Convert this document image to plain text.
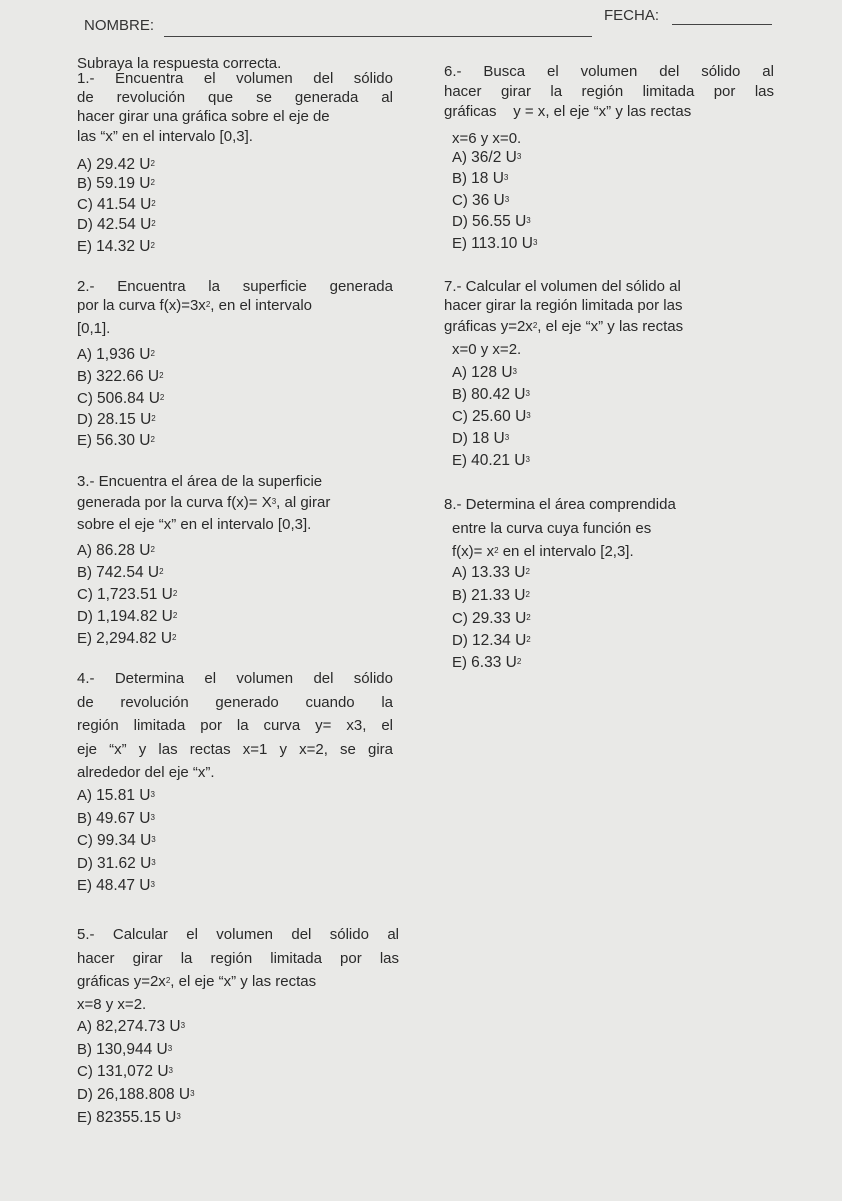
NOMBRE:
FECHA:
Subraya la respuesta correcta.
1.- Encuentra el volumen del sólido
de revolución que se generada al
hacer girar una gráfica sobre el eje de
las “x” en el intervalo [0,3].
A) 29.42 $U^2$
B) 59.19 $U^2$
C) 41.54 $U^2$
D) 42.54 $U^2$
E) 14.32 $U^2$
2.- Encuentra la superficie generada
por la curva $f(x)=3x^2$, en el intervalo
[0,1].
A) 1,936 $U^2$
B) 322.66 $U^2$
C) 506.84 $U^2$
D) 28.15 $U^2$
E) 56.30 $U^2$
3.- Encuentra el área de la superficie
generada por la curva $f(x)= X^3$, al girar
sobre el eje “x” en el intervalo [0,3].
A) 86.28 $U^2$
B) 742.54 $U^2$
C) 1,723.51 $U^2$
D) 1,194.82 $U^2$
E) 2,294.82 $U^2$
4.- Determina el volumen del sólido
de revolución generado cuando la
región limitada por la curva y= x3, el
eje “x” y las rectas x=1 y x=2, se gira
alrededor del eje “x”.
A) 15.81 $U^3$
B) 49.67 $U^3$
C) 99.34 $U^3$
D) 31.62 $U^3$
E) 48.47 $U^3$
5.- Calcular el volumen del sólido al
hacer girar la región limitada por las
gráficas $y=2x^2$, el eje “x” y las rectas
x=8 y x=2.
A) 82,274.73 $U^3$
B) 130,944 $U^3$
C) 131,072 $U^3$
D) 26,188.808 $U^3$
E) 82355.15 $U^3$
6.- Busca el volumen del sólido al
hacer girar la región limitada por las
gráficas y = x, el eje “x” y las rectas
x=6 y x=0.
A) 36/2 $U^3$
B) 18 $U^3$
C) 36 $U^3$
D) 56.55 $U^3$
E) 113.10 $U^3$
7.- Calcular el volumen del sólido al
hacer girar la región limitada por las
gráficas $y=2x^2$, el eje “x” y las rectas
x=0 y x=2.
A) 128 $U^3$
B) 80.42 $U^3$
C) 25.60 $U^3$
D) 18 $U^3$
E) 40.21 $U^3$
8.- Determina el área comprendida
entre la curva cuya función es
$f(x)= x^2$ en el intervalo [2,3].
A) 13.33 $U^2$
B) 21.33 $U^2$
C) 29.33 $U^2$
D) 12.34 $U^2$
E) 6.33 $U^2$
